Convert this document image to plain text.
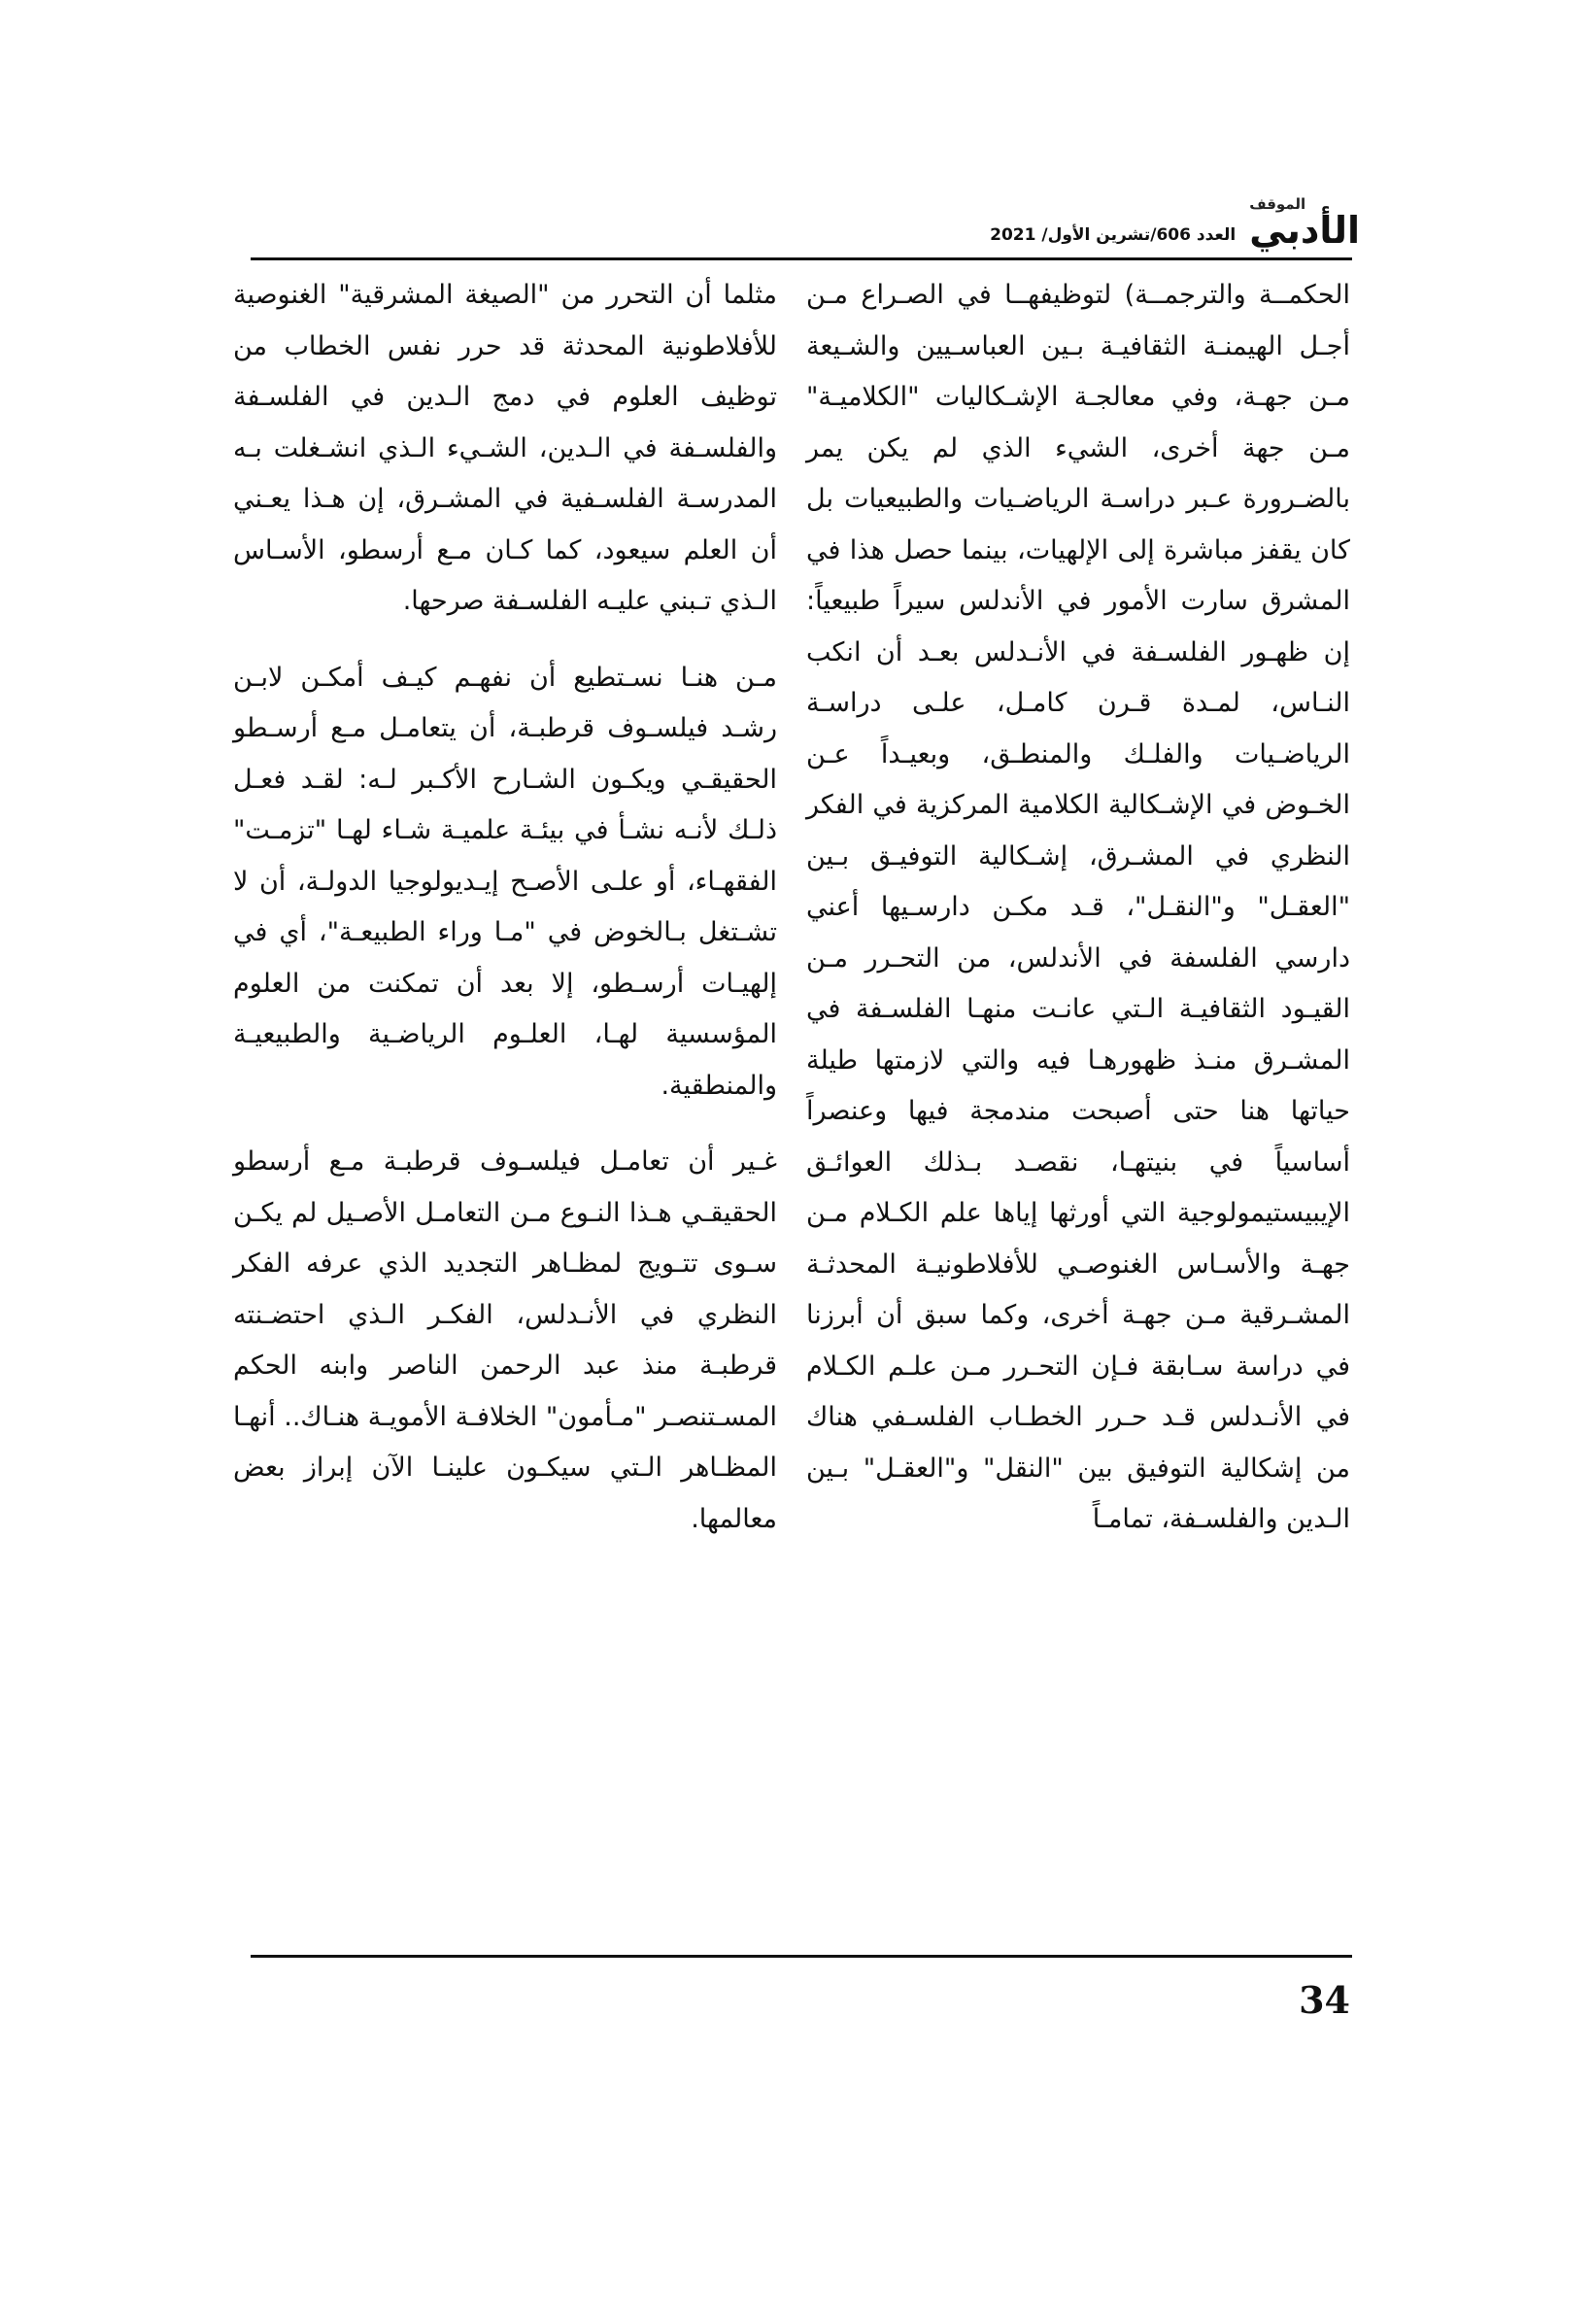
الموقف
الأدبي
العدد 606/تشرين الأول/ 2021

الحكمــة والترجمــة) لتوظيفهــا في الصـراع مـن أجـل الهيمنـة الثقافيـة بـين العباسـيين والشـيعة مـن جهـة، وفي معالجـة الإشـكاليات "الكلاميـة" مـن جهة أخرى، الشيء الذي لم يكن يمر بالضـرورة عـبر دراسـة الرياضـيات والطبيعيات بل كان يقفز مباشرة إلى الإلهيات، بينما حصل هذا في المشرق سارت الأمور في الأندلس سيراً طبيعياً: إن ظهـور الفلسـفة في الأنـدلس بعـد أن انكب النـاس، لمـدة قـرن كامـل، علـى دراسـة الرياضـيات والفلـك والمنطـق، وبعيـداً عـن الخـوض في الإشـكالية الكلامية المركزية في الفكر النظري في المشـرق، إشـكالية التوفيـق بـين "العقـل" و"النقـل"، قـد مكـن دارسـيها أعني دارسي الفلسفة في الأندلس، من التحـرر مـن القيـود الثقافيـة الـتي عانـت منهـا الفلسـفة في المشـرق منـذ ظهورهـا فيه والتي لازمتها طيلة حياتها هنا حتى أصبحت مندمجة فيها وعنصراً أساسياً في بنيتهـا، نقصـد بـذلك العوائـق الإيبيستيمولوجية التي أورثها إياها علم الكـلام مـن جهـة والأسـاس الغنوصـي للأفلاطونيـة المحدثـة المشـرقية مـن جهـة أخرى، وكما سبق أن أبرزنا في دراسة سـابقة فـإن التحـرر مـن علـم الكـلام في الأنـدلس قـد حـرر الخطـاب الفلسـفي هناك من إشكالية التوفيق بين "النقل" و"العقـل" بـين الـدين والفلسـفة، تمامـاً

مثلما أن التحرر من "الصيغة المشرقية" الغنوصية للأفلاطونية المحدثة قد حرر نفس الخطاب من توظيف العلوم في دمج الـدين في الفلسـفة والفلسـفة في الـدين، الشـيء الـذي انشـغلت بـه المدرسـة الفلسـفية في المشـرق، إن هـذا يعـني أن العلم سيعود، كما كـان مـع أرسطو، الأسـاس الـذي تـبني عليـه الفلسـفة صرحها.

مـن هنـا نسـتطيع أن نفهـم كيـف أمكـن لابـن رشـد فيلسـوف قرطبـة، أن يتعامـل مـع أرسـطو الحقيقـي ويكـون الشـارح الأكـبر لـه: لقـد فعـل ذلـك لأنـه نشـأ في بيئـة علميـة شـاء لهـا "تزمـت" الفقهـاء، أو علـى الأصـح إيـديولوجيا الدولـة، أن لا تشـتغل بـالخوض في "مـا وراء الطبيعـة"، أي في إلهيـات أرسـطو، إلا بعد أن تمكنت من العلوم المؤسسية لهـا، العلـوم الرياضـية والطبيعيـة والمنطقية.

غـير أن تعامـل فيلسـوف قرطبـة مـع أرسطو الحقيقـي هـذا النـوع مـن التعامـل الأصـيل لم يكـن سـوى تتـويج لمظـاهر التجديد الذي عرفه الفكر النظري في الأنـدلس، الفكـر الـذي احتضـنته قرطبـة منذ عبد الرحمن الناصر وابنه الحكم المسـتنصـر "مـأمون" الخلافـة الأمويـة هنـاك.. أنهـا المظـاهر الـتي سيكـون علينـا الآن إبراز بعض معالمها.

34
